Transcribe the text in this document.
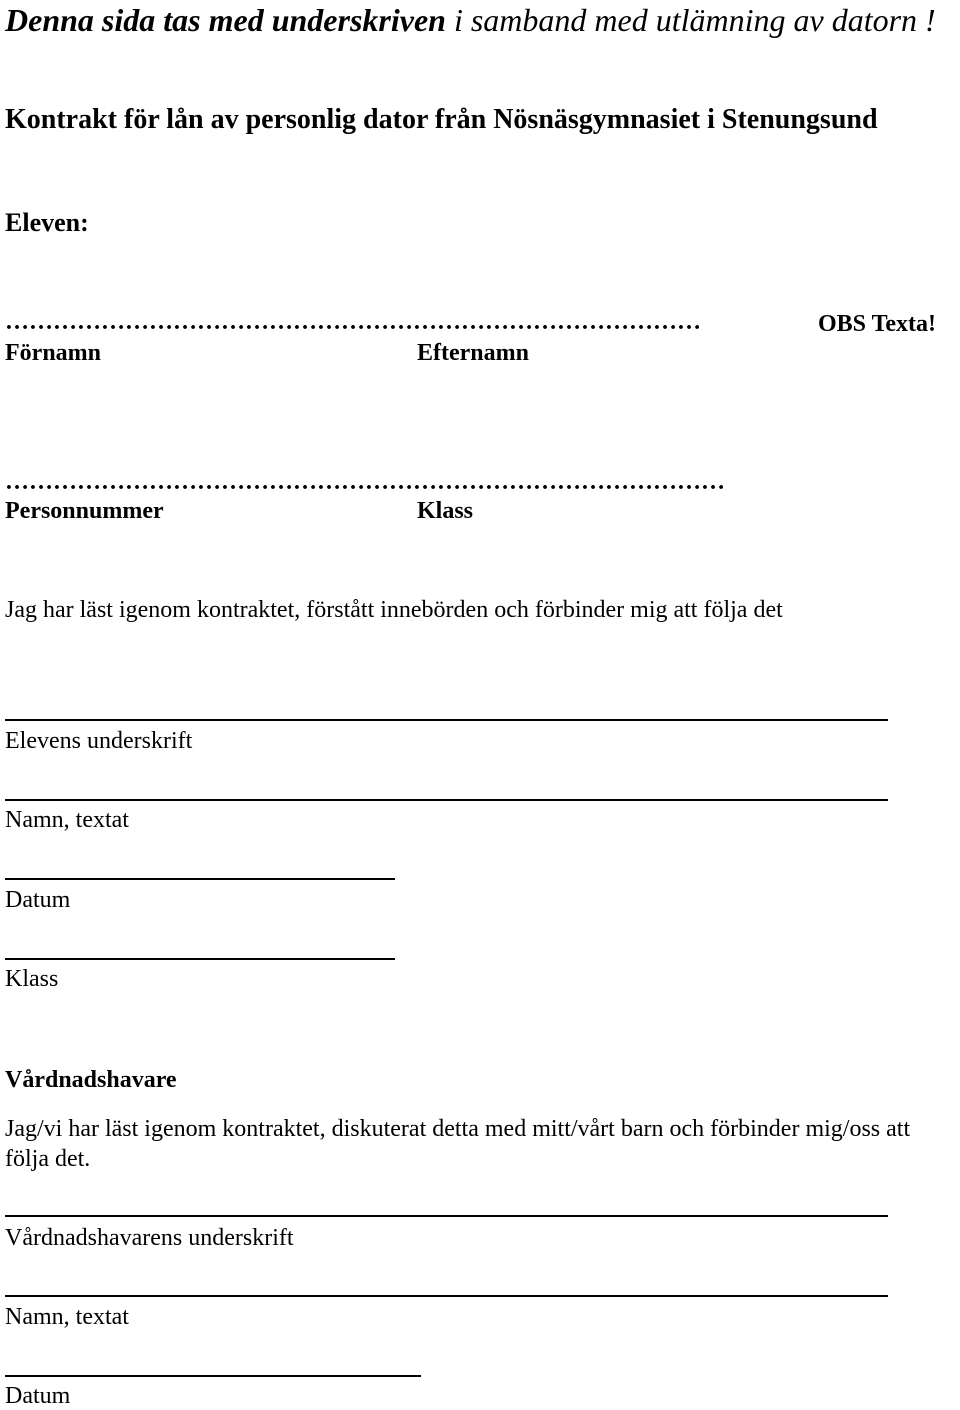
Denna sida tas med underskriven i samband med utlämning av datorn !
Kontrakt för lån av personlig dator från Nösnäsgymnasiet i Stenungsund
Eleven:
……………………………………………………………………………	OBS Texta!
Förnamn	Efternamn
………………………………………………………………………………
Personnummer	Klass
Jag har läst igenom kontraktet, förstått innebörden och förbinder mig att följa det
Elevens underskrift
Namn, textat
Datum
Klass
Vårdnadshavare
Jag/vi har läst igenom kontraktet, diskuterat detta med mitt/vårt barn och förbinder mig/oss att följa det.
Vårdnadshavarens underskrift
Namn, textat
Datum
